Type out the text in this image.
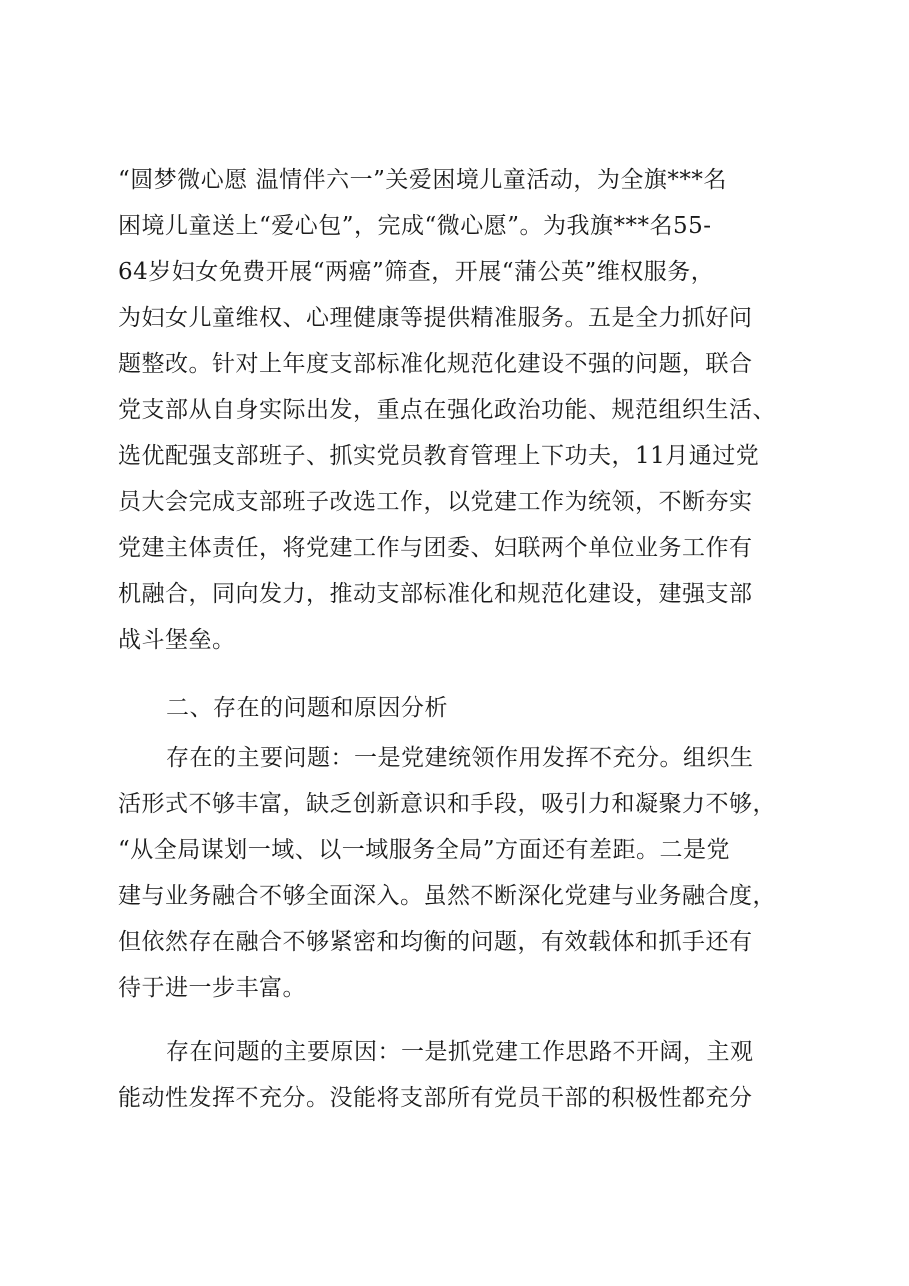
“圆梦微心愿 温情伴六一”关爱困境儿童活动，为全旗***名
困境儿童送上“爱心包”，完成“微心愿”。为我旗***名55-
64岁妇女免费开展“两癌”筛查，开展“蒲公英”维权服务，
为妇女儿童维权、心理健康等提供精准服务。五是全力抓好问
题整改。针对上年度支部标准化规范化建设不强的问题，联合
党支部从自身实际出发，重点在强化政治功能、规范组织生活、
选优配强支部班子、抓实党员教育管理上下功夫，11月通过党
员大会完成支部班子改选工作，以党建工作为统领，不断夯实
党建主体责任，将党建工作与团委、妇联两个单位业务工作有
机融合，同向发力，推动支部标准化和规范化建设，建强支部
战斗堡垒。
二、存在的问题和原因分析
存在的主要问题：一是党建统领作用发挥不充分。组织生
活形式不够丰富，缺乏创新意识和手段，吸引力和凝聚力不够，
“从全局谋划一域、以一域服务全局”方面还有差距。二是党
建与业务融合不够全面深入。虽然不断深化党建与业务融合度，
但依然存在融合不够紧密和均衡的问题，有效载体和抓手还有
待于进一步丰富。
存在问题的主要原因：一是抓党建工作思路不开阔，主观
能动性发挥不充分。没能将支部所有党员干部的积极性都充分
